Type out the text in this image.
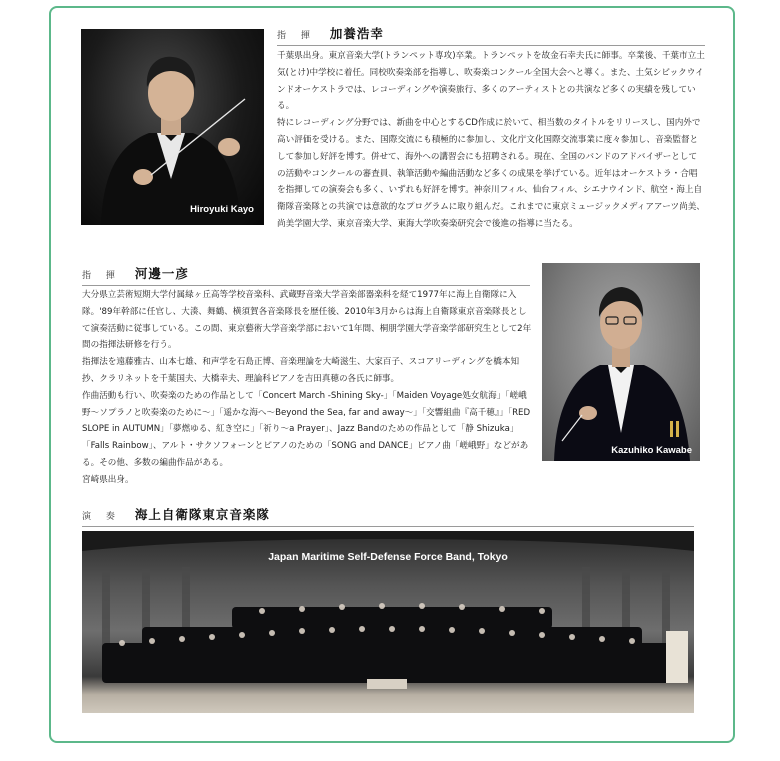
Hiroyuki Kayo
指 揮 加養浩幸

千葉県出身。東京音楽大学(トランペット専攻)卒業。トランペットを故金石幸夫氏に師事。卒業後、千葉市立土気(とけ)中学校に着任。同校吹奏楽部を指導し、吹奏楽コンクール全国大会へと導く。また、土気シビックウインドオーケストラでは、レコーディングや演奏旅行、多くのアーティストとの共演など多くの実績を残している。
特にレコーディング分野では、新曲を中心とするCD作成に於いて、相当数のタイトルをリリースし、国内外で高い評価を受ける。また、国際交流にも積極的に参加し、文化庁文化国際交流事業に度々参加し、音楽監督として参加し好評を博す。併せて、海外への講習会にも招聘される。現在、全国のバンドのアドバイザーとしての活動やコンクールの審査員、執筆活動や編曲活動など多くの成果を挙げている。近年はオーケストラ・合唱を指揮しての演奏会も多く、いずれも好評を博す。神奈川フィル、仙台フィル、シエナウインド、航空・海上自衛隊音楽隊との共演では意欲的なプログラムに取り組んだ。これまでに東京ミュージックメディアアーツ尚美、尚美学園大学、東京音楽大学、東海大学吹奏楽研究会で後進の指導に当たる。

指 揮 河邊一彦

大分県立芸術短期大学付属緑ヶ丘高等学校音楽科、武蔵野音楽大学音楽部器楽科を経て1977年に海上自衛隊に入隊。'89年幹部に任官し、大湊、舞鶴、横須賀各音楽隊長を歴任後、2010年3月からは海上自衛隊東京音楽隊長として演奏活動に従事している。この間、東京藝術大学音楽学部において1年間、桐朋学園大学音楽学部研究生として2年間の指揮法研修を行う。
指揮法を遠藤雅古、山本七雄、和声学を石島正博、音楽理論を大崎滋生、大家百子、スコアリーディングを橋本知抄、クラリネットを千葉国夫、大橋幸夫、理論科ピアノを吉田真穂の各氏に師事。
作曲活動も行い、吹奏楽のための作品として「Concert March -Shining Sky-」「Maiden Voyage処女航海」「嵯峨野〜ソプラノと吹奏楽のために〜」「遥かな海へ〜Beyond the Sea, far and away〜」「交響組曲『高千穂』」「RED SLOPE in AUTUMN」「夢燃ゆる、紅き空に」「祈り〜a Prayer」、Jazz Bandのための作品として「静 Shizuka」「Falls Rainbow」、アルト・サクソフォーンとピアノのための「SONG and DANCE」ピアノ曲「嵯峨野」などがある。その他、多数の編曲作品がある。
宮崎県出身。

Kazuhiko Kawabe
演 奏 海上自衛隊東京音楽隊
Japan Maritime Self-Defense Force Band, Tokyo
